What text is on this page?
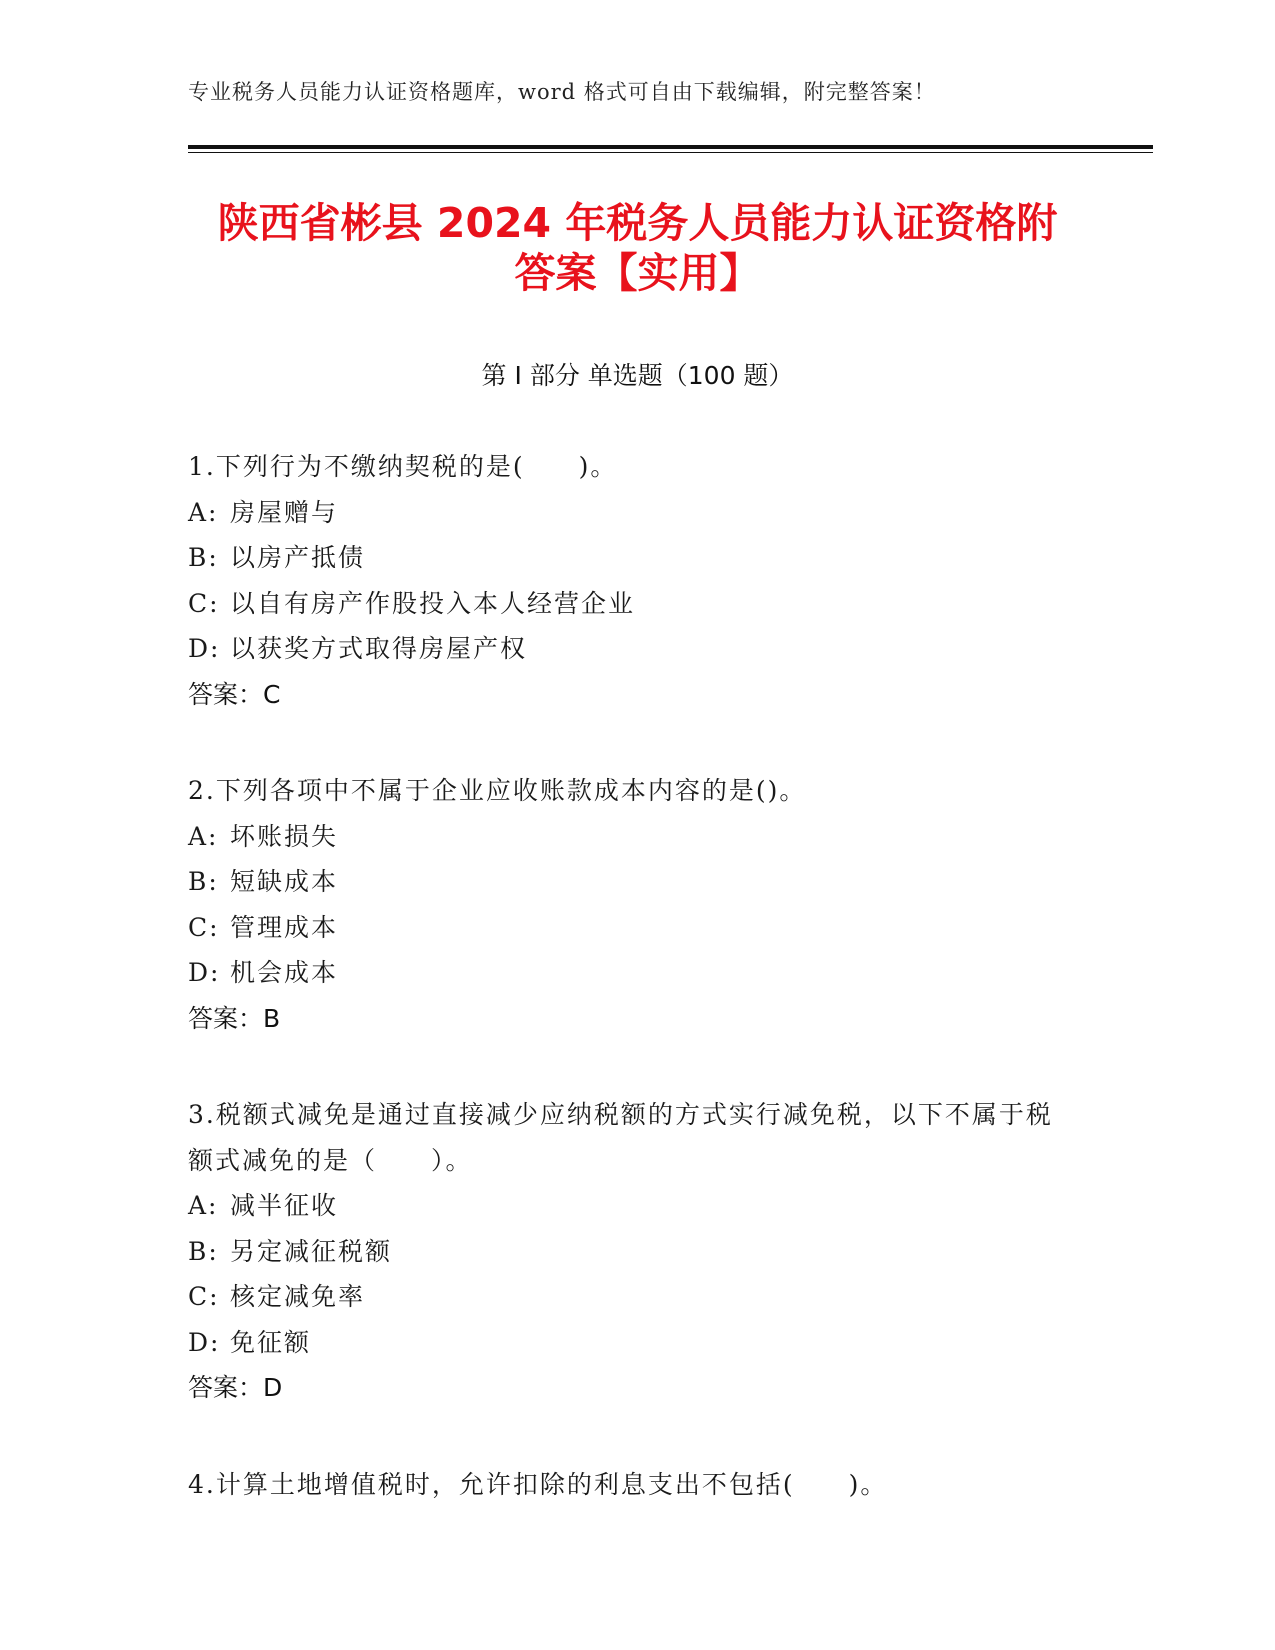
专业税务人员能力认证资格题库，word 格式可自由下载编辑，附完整答案！
陕西省彬县 2024 年税务人员能力认证资格附
答案【实用】
第 I 部分 单选题（100 题）
1.下列行为不缴纳契税的是(　　)。
A: 房屋赠与
B: 以房产抵债
C: 以自有房产作股投入本人经营企业
D: 以获奖方式取得房屋产权
答案：C
2.下列各项中不属于企业应收账款成本内容的是()。
A: 坏账损失
B: 短缺成本
C: 管理成本
D: 机会成本
答案：B
3.税额式减免是通过直接减少应纳税额的方式实行减免税，以下不属于税额式减免的是（　　）。
A: 减半征收
B: 另定减征税额
C: 核定减免率
D: 免征额
答案：D
4.计算土地增值税时，允许扣除的利息支出不包括(　　)。
